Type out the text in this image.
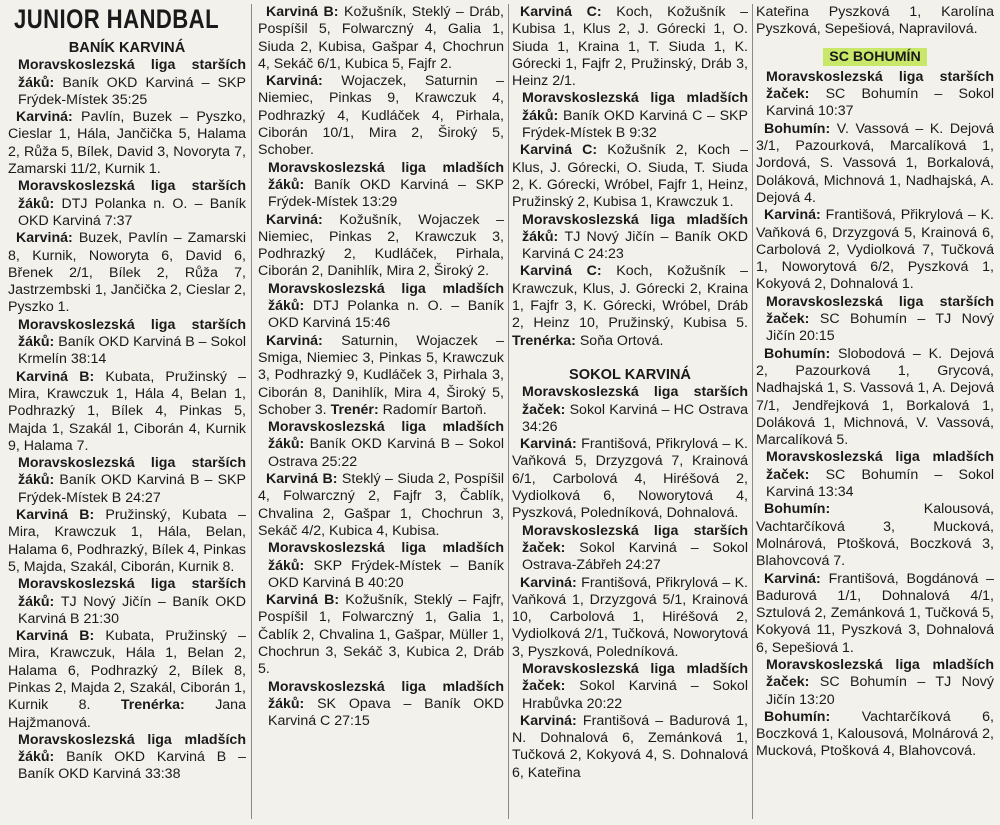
JUNIOR HANDBAL

BANÍK KARVINÁ

Moravskoslezská liga starších žáků: Baník OKD Karviná – SKP Frýdek-Místek 35:25

Karviná: Pavlín, Buzek – Pyszko, Cieslar 1, Hála, Jančička 5, Halama 2, Růža 5, Bílek, David 3, Novoryta 7, Zamarski 11/2, Kurnik 1.

Moravskoslezská liga starších žáků: DTJ Polanka n. O. – Baník OKD Karviná 7:37

Karviná: Buzek, Pavlín – Zamarski 8, Kurnik, Noworyta 6, David 6, Břenek 2/1, Bílek 2, Růža 7, Jastrzembski 1, Jančička 2, Cieslar 2, Pyszko 1.

Moravskoslezská liga starších žáků: Baník OKD Karviná B – Sokol Krmelín 38:14

Karviná B: Kubata, Pružinský – Mira, Krawczuk 1, Hála 4, Belan 1, Podhrazký 1, Bílek 4, Pinkas 5, Majda 1, Szakál 1, Ciborán 4, Kurnik 9, Halama 7.

Moravskoslezská liga starších žáků: Baník OKD Karviná B – SKP Frýdek-Místek B 24:27

Karviná B: Pružinský, Kubata – Mira, Krawczuk 1, Hála, Belan, Halama 6, Podhrazký, Bílek 4, Pinkas 5, Majda, Szakál, Ciborán, Kurnik 8.

Moravskoslezská liga starších žáků: TJ Nový Jičín – Baník OKD Karviná B 21:30

Karviná B: Kubata, Pružinský – Mira, Krawczuk, Hála 1, Belan 2, Halama 6, Podhrazký 2, Bílek 8, Pinkas 2, Majda 2, Szakál, Ciborán 1, Kurnik 8. Trenérka: Jana Hajžmanová.

Moravskoslezská liga mladších žáků: Baník OKD Karviná B – Baník OKD Karviná 33:38

Karviná B: Kožušník, Steklý – Dráb, Pospíšil 5, Folwarczný 4, Galia 1, Siuda 2, Kubisa, Gašpar 4, Chochrun 4, Sekáč 6/1, Kubica 5, Fajfr 2.

Karviná: Wojaczek, Saturnin – Niemiec, Pinkas 9, Krawczuk 4, Podhrazký 4, Kudláček 4, Pirhala, Ciborán 10/1, Mira 2, Široký 5, Schober.

Moravskoslezská liga mladších žáků: Baník OKD Karviná – SKP Frýdek-Místek 13:29

Karviná: Kožušník, Wojaczek – Niemiec, Pinkas 2, Krawczuk 3, Podhrazký 2, Kudláček, Pirhala, Ciborán 2, Danihlík, Mira 2, Široký 2.

Moravskoslezská liga mladších žáků: DTJ Polanka n. O. – Baník OKD Karviná 15:46

Karviná: Saturnin, Wojaczek – Smiga, Niemiec 3, Pinkas 5, Krawczuk 3, Podhrazký 9, Kudláček 3, Pirhala 3, Ciborán 8, Danihlík, Mira 4, Široký 5, Schober 3. Trenér: Radomír Bartoň.

Moravskoslezská liga mladších žáků: Baník OKD Karviná B – Sokol Ostrava 25:22

Karviná B: Steklý – Siuda 2, Pospíšil 4, Folwarczný 2, Fajfr 3, Čablík, Chvalina 2, Gašpar 1, Chochrun 3, Sekáč 4/2, Kubica 4, Kubisa.

Moravskoslezská liga mladších žáků: SKP Frýdek-Místek – Baník OKD Karviná B 40:20

Karviná B: Kožušník, Steklý – Fajfr, Pospíšil 1, Folwarczný 1, Galia 1, Čablík 2, Chvalina 1, Gašpar, Müller 1, Chochrun 3, Sekáč 3, Kubica 2, Dráb 5.

Moravskoslezská liga mladších žáků: SK Opava – Baník OKD Karviná C 27:15

Karviná C: Koch, Kožušník – Kubisa 1, Klus 2, J. Górecki 1, O. Siuda 1, Kraina 1, T. Siuda 1, K. Górecki 1, Fajfr 2, Pružinský, Dráb 3, Heinz 2/1.

Moravskoslezská liga mladších žáků: Baník OKD Karviná C – SKP Frýdek-Místek B 9:32

Karviná C: Kožušník 2, Koch – Klus, J. Górecki, O. Siuda, T. Siuda 2, K. Górecki, Wróbel, Fajfr 1, Heinz, Pružinský 2, Kubisa 1, Krawczuk 1.

Moravskoslezská liga mladších žáků: TJ Nový Jičín – Baník OKD Karviná C 24:23

Karviná C: Koch, Kožušník – Krawczuk, Klus, J. Górecki 2, Kraina 1, Fajfr 3, K. Górecki, Wróbel, Dráb 2, Heinz 10, Pružinský, Kubisa 5. Trenérka: Soňa Ortová.

SOKOL KARVINÁ

Moravskoslezská liga starších žaček: Sokol Karviná – HC Ostrava 34:26

Karviná: Františová, Přikrylová – K. Vaňková 5, Drzyzgová 7, Krainová 6/1, Carbolová 4, Hiréšová 2, Vydiolková 6, Noworytová 4, Pyszková, Poledníková, Dohnalová.

Moravskoslezská liga starších žaček: Sokol Karviná – Sokol Ostrava-Zábřeh 24:27

Karviná: Františová, Přikrylová – K. Vaňková 1, Drzyzgová 5/1, Krainová 10, Carbolová 1, Hiréšová 2, Vydiolková 2/1, Tučková, Noworytová 3, Pyszková, Poledníková.

Moravskoslezská liga mladších žaček: Sokol Karviná – Sokol Hrabůvka 20:22

Karviná: Františová – Badurová 1, N. Dohnalová 6, Zemánková 1, Tučková 2, Kokyová 4, S. Dohnalová 6, Kateřina

Kateřina Pyszková 1, Karolína Pyszková, Sepešiová, Napravilová.

SC BOHUMÍN

Moravskoslezská liga starších žaček: SC Bohumín – Sokol Karviná 10:37

Bohumín: V. Vassová – K. Dejová 3/1, Pazourková, Marcalíková 1, Jordová, S. Vassová 1, Borkalová, Doláková, Michnová 1, Nadhajská, A. Dejová 4.

Karviná: Františová, Přikrylová – K. Vaňková 6, Drzyzgová 5, Krainová 6, Carbolová 2, Vydiolková 7, Tučková 1, Noworytová 6/2, Pyszková 1, Kokyová 2, Dohnalová 1.

Moravskoslezská liga starších žaček: SC Bohumín – TJ Nový Jičín 20:15

Bohumín: Slobodová – K. Dejová 2, Pazourková 1, Grycová, Nadhajská 1, S. Vassová 1, A. Dejová 7/1, Jendřejková 1, Borkalová 1, Doláková 1, Michnová, V. Vassová, Marcalíková 5.

Moravskoslezská liga mladších žaček: SC Bohumín – Sokol Karviná 13:34

Bohumín:	Kalousová, Vachtarčíková 3, Mucková, Molnárová, Ptošková, Boczková 3, Blahovcová 7.

Karviná: Františová, Bogdánová – Badurová 1/1, Dohnalová 4/1, Sztulová 2, Zemánková 1, Tučková 5, Kokyová 11, Pyszková 3, Dohnalová 6, Sepešiová 1.

Moravskoslezská liga mladších žaček: SC Bohumín – TJ Nový Jičín 13:20

Bohumín: Vachtarčíková 6, Boczková 1, Kalousová, Molnárová 2, Mucková, Ptošková 4, Blahovcová.
